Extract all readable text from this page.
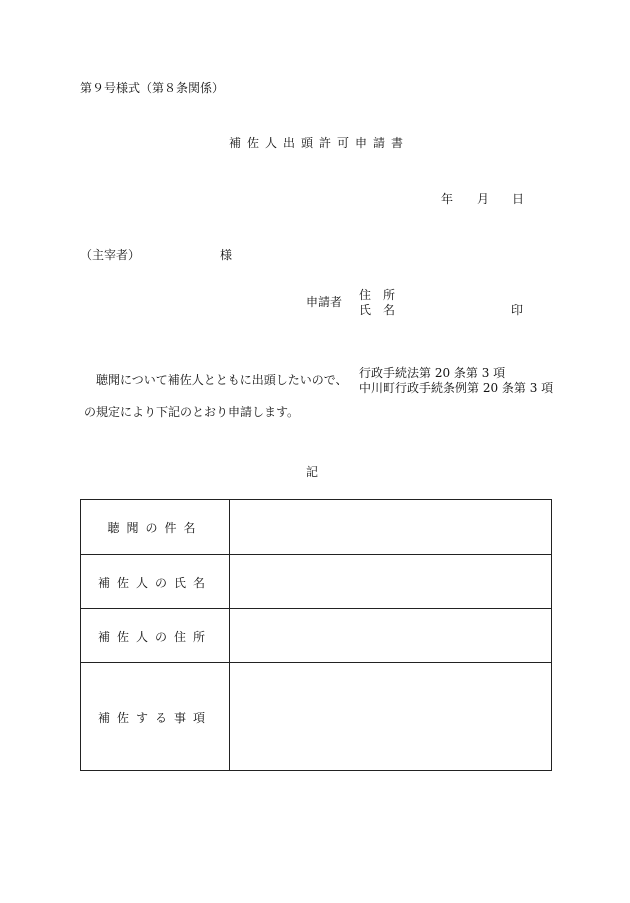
第９号様式（第８条関係）
補佐人出頭許可申請書
年 月 日
（主宰者）	様
申請者 住　所
氏　名	印
聴聞について補佐人とともに出頭したいので、 行政手続法第 20 条第 3 項
中川町行政手続条例第 20 条第 3 項
の規定により下記のとおり申請します。
記
聴聞の件名
補佐人の氏名
補佐人の住所
補佐する事項
